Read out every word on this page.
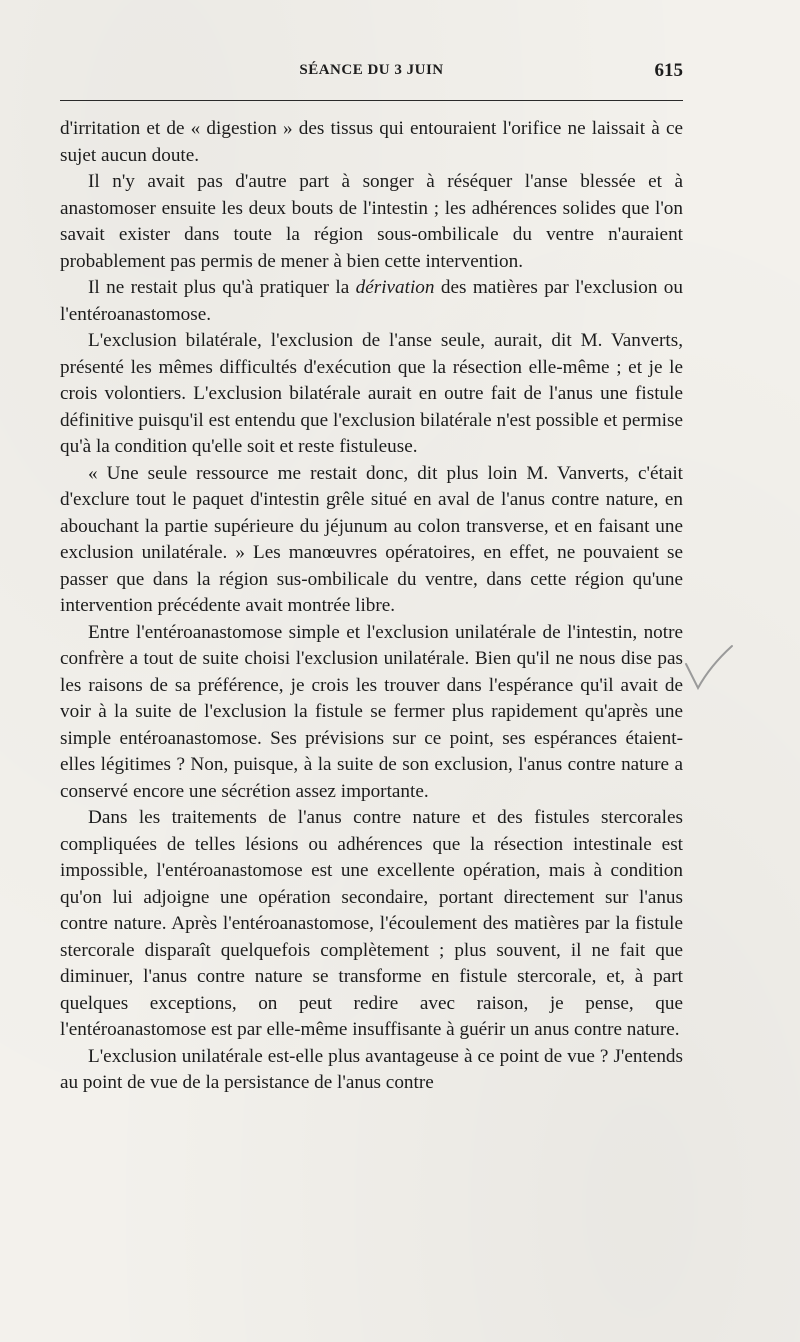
SÉANCE DU 3 JUIN	615

d'irritation et de « digestion » des tissus qui entouraient l'orifice ne laissait à ce sujet aucun doute.

Il n'y avait pas d'autre part à songer à réséquer l'anse blessée et à anastomoser ensuite les deux bouts de l'intestin ; les adhérences solides que l'on savait exister dans toute la région sous-ombilicale du ventre n'auraient probablement pas permis de mener à bien cette intervention.

Il ne restait plus qu'à pratiquer la dérivation des matières par l'exclusion ou l'entéroanastomose.

L'exclusion bilatérale, l'exclusion de l'anse seule, aurait, dit M. Vanverts, présenté les mêmes difficultés d'exécution que la résection elle-même ; et je le crois volontiers. L'exclusion bilatérale aurait en outre fait de l'anus une fistule définitive puisqu'il est entendu que l'exclusion bilatérale n'est possible et permise qu'à la condition qu'elle soit et reste fistuleuse.

« Une seule ressource me restait donc, dit plus loin M. Vanverts, c'était d'exclure tout le paquet d'intestin grêle situé en aval de l'anus contre nature, en abouchant la partie supérieure du jéjunum au colon transverse, et en faisant une exclusion unilatérale. » Les manœuvres opératoires, en effet, ne pouvaient se passer que dans la région sus-ombilicale du ventre, dans cette région qu'une intervention précédente avait montrée libre.

Entre l'entéroanastomose simple et l'exclusion unilatérale de l'intestin, notre confrère a tout de suite choisi l'exclusion unilatérale. Bien qu'il ne nous dise pas les raisons de sa préférence, je crois les trouver dans l'espérance qu'il avait de voir à la suite de l'exclusion la fistule se fermer plus rapidement qu'après une simple entéroanastomose. Ses prévisions sur ce point, ses espérances étaient-elles légitimes ? Non, puisque, à la suite de son exclusion, l'anus contre nature a conservé encore une sécrétion assez importante.

Dans les traitements de l'anus contre nature et des fistules stercorales compliquées de telles lésions ou adhérences que la résection intestinale est impossible, l'entéroanastomose est une excellente opération, mais à condition qu'on lui adjoigne une opération secondaire, portant directement sur l'anus contre nature. Après l'entéroanastomose, l'écoulement des matières par la fistule stercorale disparaît quelquefois complètement ; plus souvent, il ne fait que diminuer, l'anus contre nature se transforme en fistule stercorale, et, à part quelques exceptions, on peut redire avec raison, je pense, que l'entéroanastomose est par elle-même insuffisante à guérir un anus contre nature.

L'exclusion unilatérale est-elle plus avantageuse à ce point de vue ? J'entends au point de vue de la persistance de l'anus contre
